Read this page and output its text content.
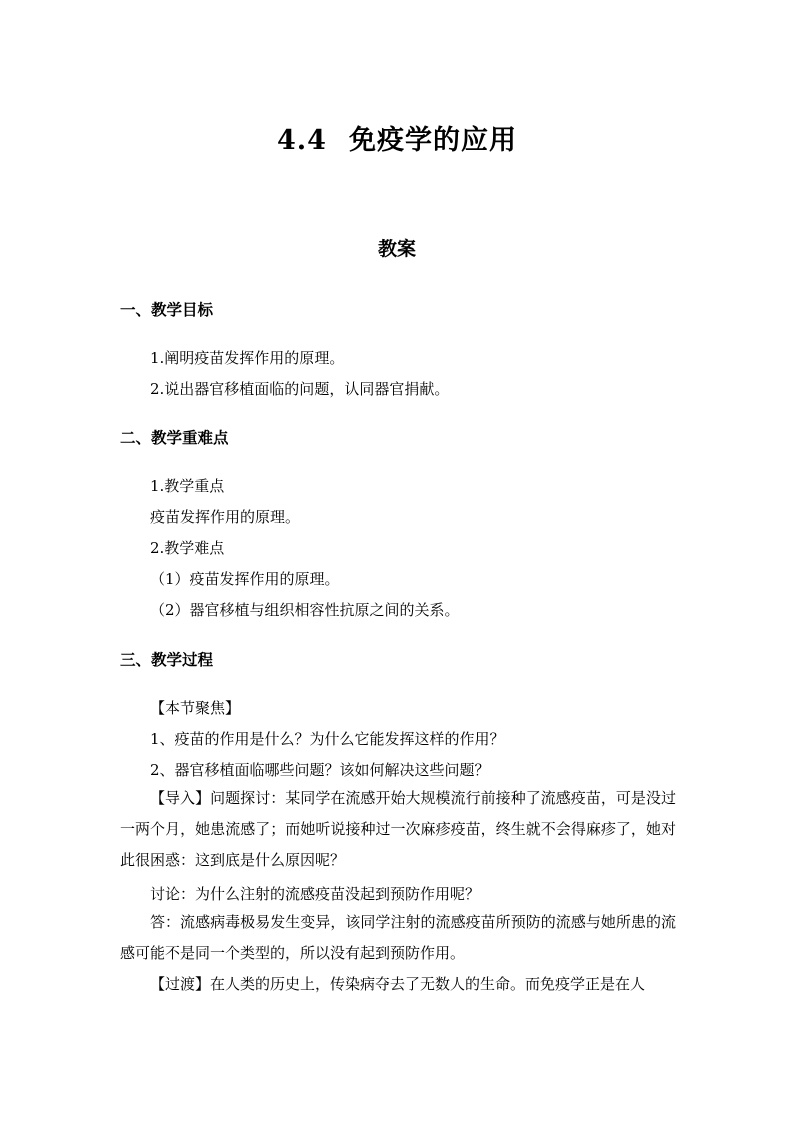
4.4 免疫学的应用
教案
一、教学目标
1.阐明疫苗发挥作用的原理。
2.说出器官移植面临的问题，认同器官捐献。
二、教学重难点
1.教学重点
疫苗发挥作用的原理。
2.教学难点
（1）疫苗发挥作用的原理。
（2）器官移植与组织相容性抗原之间的关系。
三、教学过程
【本节聚焦】
1、疫苗的作用是什么？为什么它能发挥这样的作用？
2、器官移植面临哪些问题？该如何解决这些问题？
【导入】问题探讨：某同学在流感开始大规模流行前接种了流感疫苗，可是没过一两个月，她患流感了；而她听说接种过一次麻疹疫苗，终生就不会得麻疹了，她对此很困惑：这到底是什么原因呢？
讨论：为什么注射的流感疫苗没起到预防作用呢？
答：流感病毒极易发生变异，该同学注射的流感疫苗所预防的流感与她所患的流感可能不是同一个类型的，所以没有起到预防作用。
【过渡】在人类的历史上，传染病夺去了无数人的生命。而免疫学正是在人
